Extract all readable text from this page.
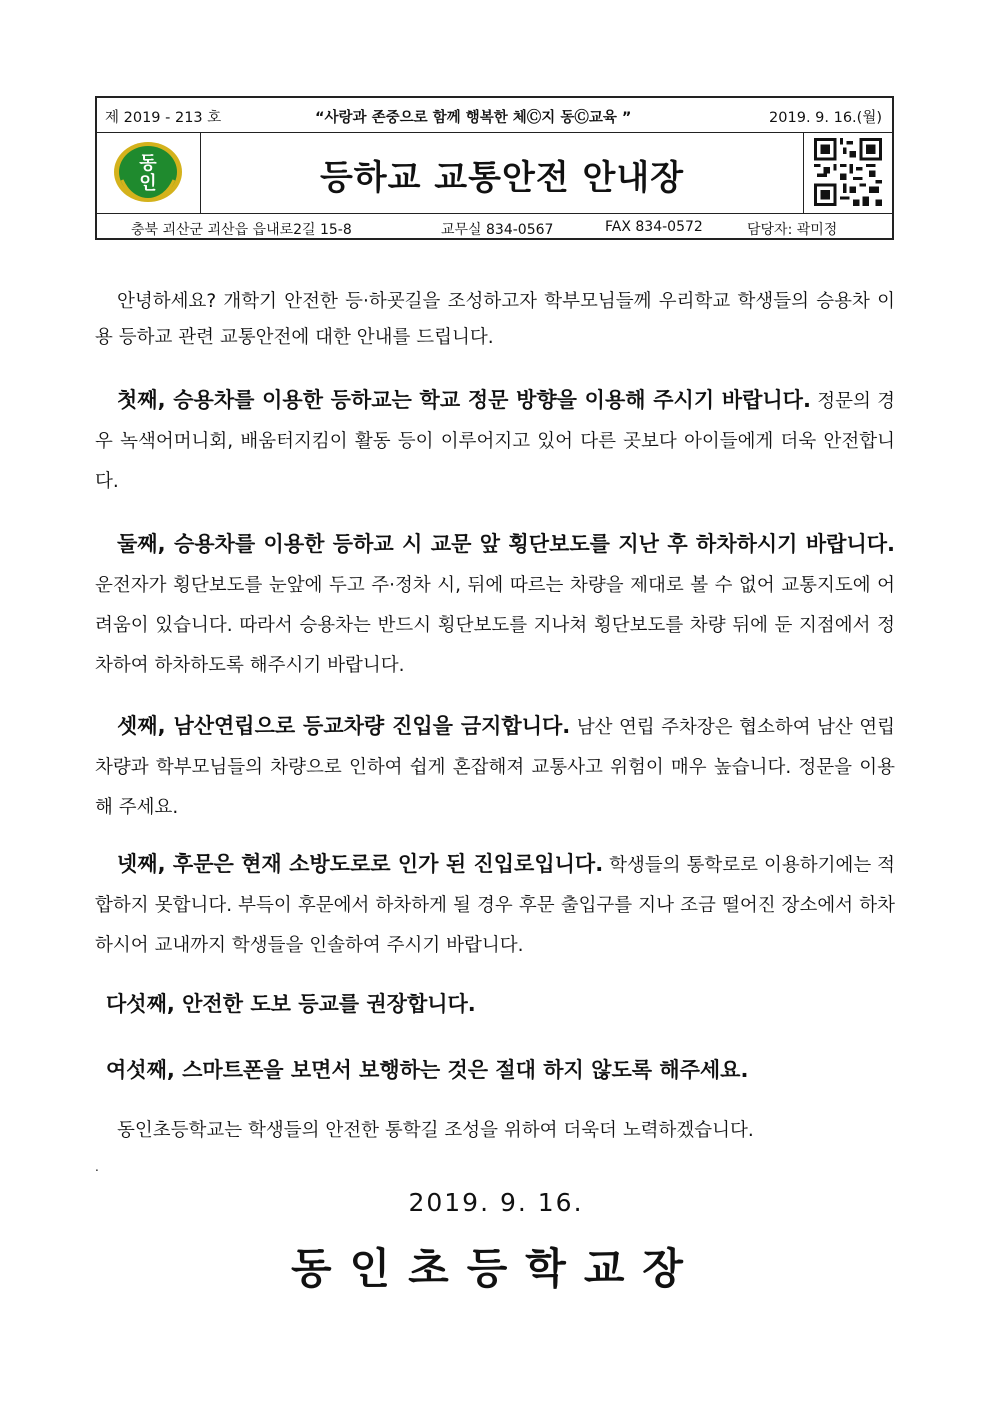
제 2019 - 213 호	“사랑과 존중으로 함께 행복한 체Ⓒ지 동Ⓒ교육 ”	2019. 9. 16.(월)
동
인	등하교 교통안전 안내장
충북 괴산군 괴산읍 읍내로2길 15-8	교무실 834-0567	FAX 834-0572	담당자: 곽미정

안녕하세요? 개학기 안전한 등·하굣길을 조성하고자 학부모님들께 우리학교 학생들의 승용차 이용 등하교 관련 교통안전에 대한 안내를 드립니다.

첫째, 승용차를 이용한 등하교는 학교 정문 방향을 이용해 주시기 바랍니다. 정문의 경우 녹색어머니회, 배움터지킴이 활동 등이 이루어지고 있어 다른 곳보다 아이들에게 더욱 안전합니다.

둘째, 승용차를 이용한 등하교 시 교문 앞 횡단보도를 지난 후 하차하시기 바랍니다. 운전자가 횡단보도를 눈앞에 두고 주·정차 시, 뒤에 따르는 차량을 제대로 볼 수 없어 교통지도에 어려움이 있습니다. 따라서 승용차는 반드시 횡단보도를 지나쳐 횡단보도를 차량 뒤에 둔 지점에서 정차하여 하차하도록 해주시기 바랍니다.

셋째, 남산연립으로 등교차량 진입을 금지합니다. 남산 연립 주차장은 협소하여 남산 연립 차량과 학부모님들의 차량으로 인하여 쉽게 혼잡해져 교통사고 위험이 매우 높습니다. 정문을 이용해 주세요.

넷째, 후문은 현재 소방도로로 인가 된 진입로입니다. 학생들의 통학로로 이용하기에는 적합하지 못합니다. 부득이 후문에서 하차하게 될 경우 후문 출입구를 지나 조금 떨어진 장소에서 하차하시어 교내까지 학생들을 인솔하여 주시기 바랍니다.

다섯째, 안전한 도보 등교를 권장합니다.
여섯째, 스마트폰을 보면서 보행하는 것은 절대 하지 않도록 해주세요.
동인초등학교는 학생들의 안전한 통학길 조성을 위하여 더욱더 노력하겠습니다.
.
2019. 9. 16.
동인초등학교장
